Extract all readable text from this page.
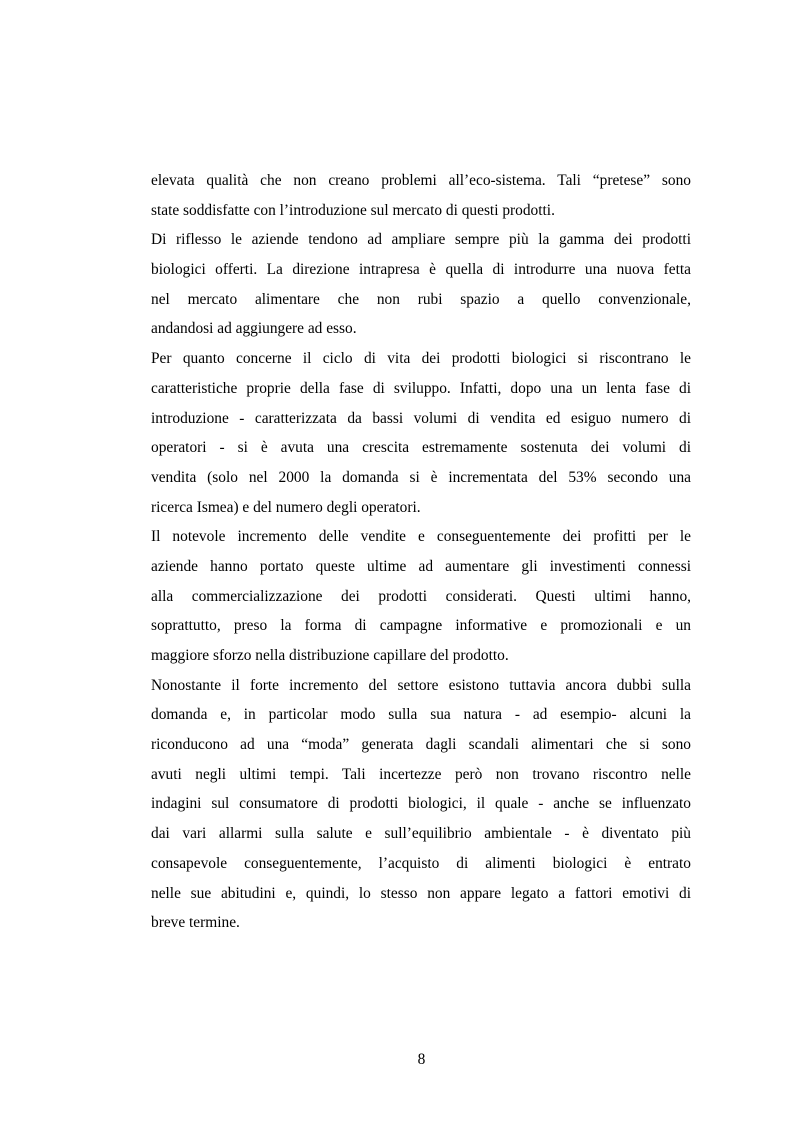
elevata qualità che non creano problemi all’eco-sistema. Tali “pretese” sono
state soddisfatte con l’introduzione sul mercato di questi prodotti.
Di riflesso le aziende tendono ad ampliare sempre più la gamma dei prodotti
biologici offerti. La direzione intrapresa è quella di introdurre una nuova fetta
nel mercato alimentare che non rubi spazio a quello convenzionale,
andandosi ad aggiungere ad esso.
Per quanto concerne il ciclo di vita dei prodotti biologici si riscontrano le
caratteristiche proprie della fase di sviluppo. Infatti, dopo una un lenta fase di
introduzione - caratterizzata da bassi volumi di vendita ed esiguo numero di
operatori - si è avuta una crescita estremamente sostenuta dei volumi di
vendita (solo nel 2000 la domanda si è incrementata del 53% secondo una
ricerca Ismea) e del numero degli operatori.
Il notevole incremento delle vendite e conseguentemente dei profitti per le
aziende hanno portato queste ultime ad aumentare gli investimenti connessi
alla commercializzazione dei prodotti considerati. Questi ultimi hanno,
soprattutto, preso la forma di campagne informative e promozionali e un
maggiore sforzo nella distribuzione capillare del prodotto.
Nonostante il forte incremento del settore esistono tuttavia ancora dubbi sulla
domanda e, in particolar modo sulla sua natura - ad esempio- alcuni la
riconducono ad una “moda” generata dagli scandali alimentari che si sono
avuti negli ultimi tempi. Tali incertezze però non trovano riscontro nelle
indagini sul consumatore di prodotti biologici, il quale - anche se influenzato
dai vari allarmi sulla salute e sull’equilibrio ambientale - è diventato più
consapevole conseguentemente, l’acquisto di alimenti biologici è entrato
nelle sue abitudini e, quindi, lo stesso non appare legato a fattori emotivi di
breve termine.
8
